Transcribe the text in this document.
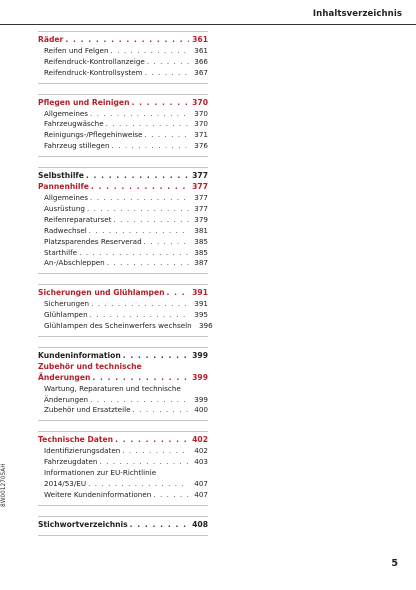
Inhaltsverzeichnis
Räder . . .	361
Reifen und Felgen . . .	361
Reifendruck-Kontrollanzeige . . .	366
Reifendruck-Kontrollsystem . . .	367
Pflegen und Reinigen . . .	370
Allgemeines . . .	370
Fahrzeugwäsche . . .	370
Reinigungs-/Pflegehinweise . . .	371
Fahrzeug stillegen . . .	376
Selbsthilfe . . .	377
Pannenhilfe . . .	377
Allgemeines . . .	377
Ausrüstung . . .	377
Reifenreparaturset . . .	379
Radwechsel . . .	381
Platzsparendes Reserverad . . .	385
Starthilfe . . .	385
An-/Abschleppen . . .	387
Sicherungen und Glühlampen . . .	391
Sicherungen . . .	391
Glühlampen . . .	395
Glühlampen des Scheinwerfers wechseln	396
Kundeninformation . . .	399
Zubehör und technische
Änderungen . . .	399
Wartung, Reparaturen und technische
Änderungen . . .	399
Zubehör und Ersatzteile . . .	400
Technische Daten . . .	402
Identifizierungsdaten . . .	402
Fahrzeugdaten . . .	403
Informationen zur EU-Richtlinie
2014/53/EU . . .	407
Weitere Kundeninformationen . . .	407
Stichwortverzeichnis . . .	408
8W0012705AH
5
